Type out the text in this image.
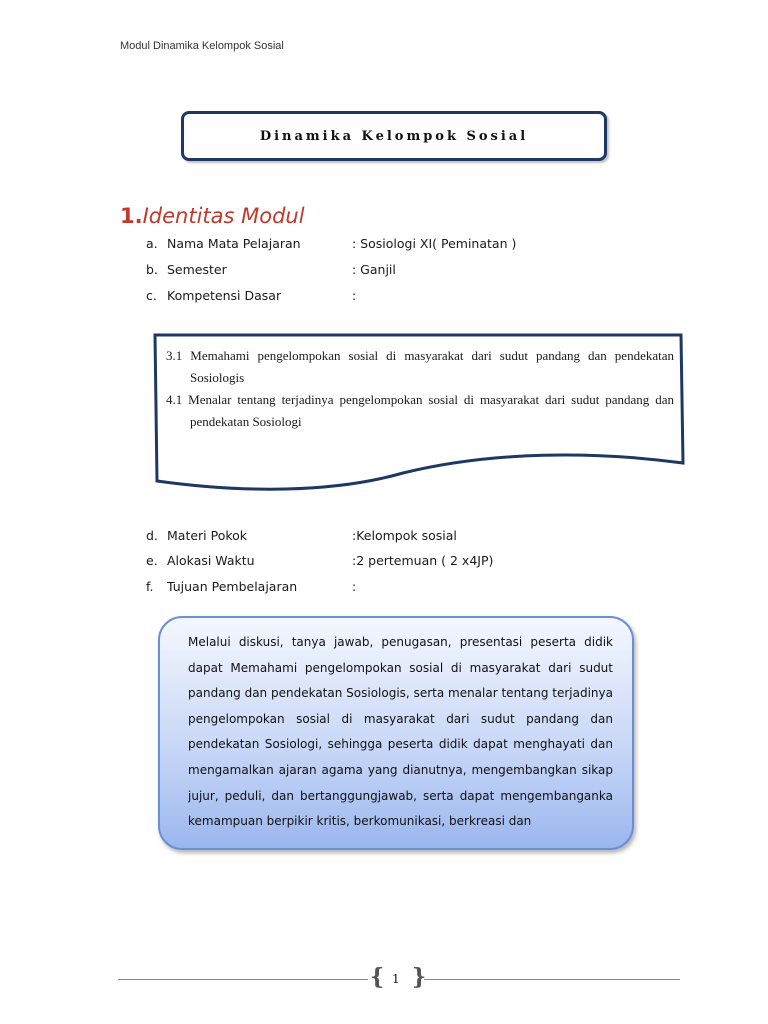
Modul Dinamika Kelompok Sosial
Dinamika Kelompok Sosial
1.Identitas Modul
a. Nama Mata Pelajaran	: Sosiologi XI( Peminatan )
b. Semester	: Ganjil
c. Kompetensi Dasar	:
3.1 Memahami pengelompokan sosial di masyarakat dari sudut pandang dan pendekatan Sosiologis
4.1 Menalar tentang terjadinya pengelompokan sosial di masyarakat dari sudut pandang dan pendekatan Sosiologi
d. Materi Pokok	:Kelompok sosial
e. Alokasi Waktu	:2 pertemuan ( 2 x4JP)
f. Tujuan Pembelajaran	:
Melalui diskusi, tanya jawab, penugasan, presentasi peserta didik dapat Memahami pengelompokan sosial di masyarakat dari sudut pandang dan pendekatan Sosiologis, serta menalar tentang terjadinya pengelompokan sosial di masyarakat dari sudut pandang dan pendekatan Sosiologi, sehingga peserta didik dapat menghayati dan mengamalkan ajaran agama yang dianutnya, mengembangkan sikap jujur, peduli, dan bertanggungjawab, serta dapat mengembanganka kemampuan berpikir kritis, berkomunikasi, berkreasi dan
{ 1 }
